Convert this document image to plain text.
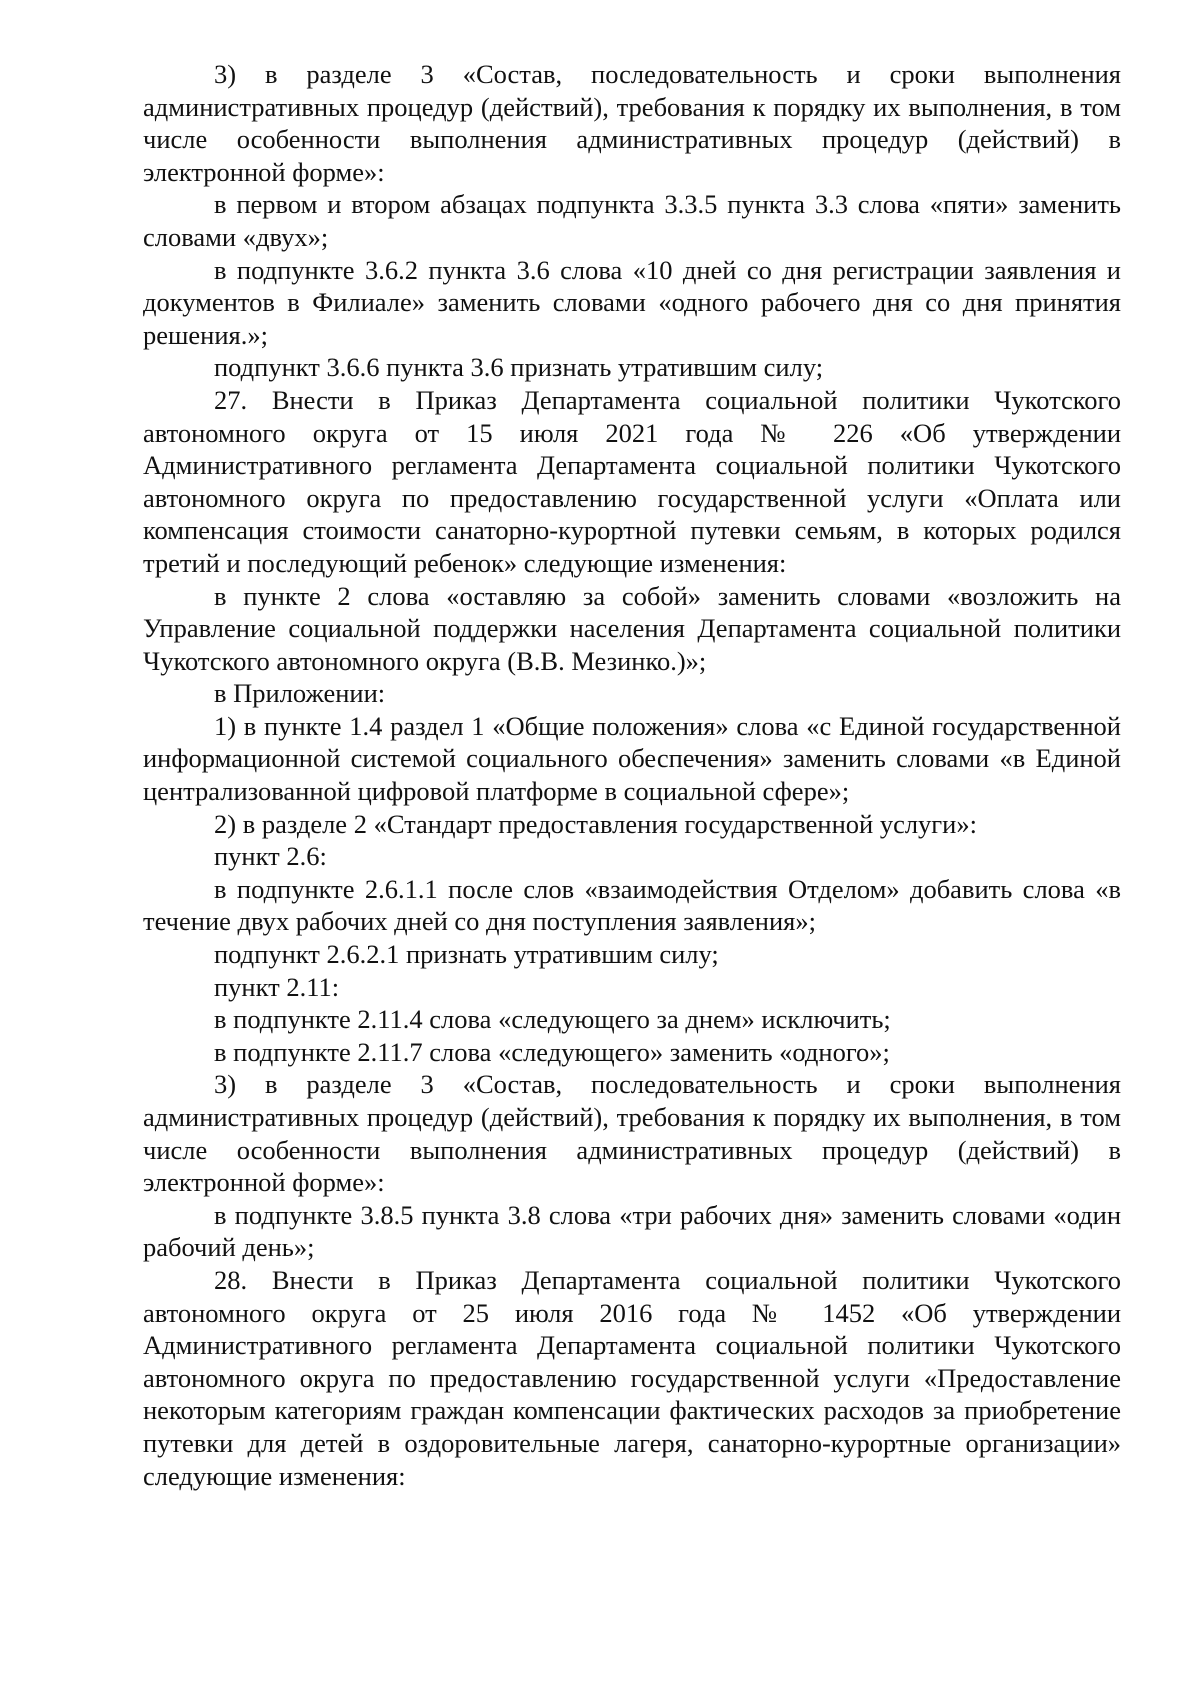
3) в разделе 3 «Состав, последовательность и сроки выполнения административных процедур (действий), требования к порядку их выполнения, в том числе особенности выполнения административных процедур (действий) в электронной форме»:

в первом и втором абзацах подпункта 3.3.5 пункта 3.3 слова «пяти» заменить словами «двух»;

в подпункте 3.6.2 пункта 3.6 слова «10 дней со дня регистрации заявления и документов в Филиале» заменить словами «одного рабочего дня со дня принятия решения.»;

подпункт 3.6.6 пункта 3.6 признать утратившим силу;

27. Внести в Приказ Департамента социальной политики Чукотского автономного округа от 15 июля 2021 года № 226 «Об утверждении Административного регламента Департамента социальной политики Чукотского автономного округа по предоставлению государственной услуги «Оплата или компенсация стоимости санаторно-курортной путевки семьям, в которых родился третий и последующий ребенок» следующие изменения:

в пункте 2 слова «оставляю за собой» заменить словами «возложить на Управление социальной поддержки населения Департамента социальной политики Чукотского автономного округа (В.В. Мезинко.)»;

в Приложении:

1) в пункте 1.4 раздел 1 «Общие положения» слова «с Единой государственной информационной системой социального обеспечения» заменить словами «в Единой централизованной цифровой платформе в социальной сфере»;

2) в разделе 2 «Стандарт предоставления государственной услуги»:

пункт 2.6:

в подпункте 2.6.1.1 после слов «взаимодействия Отделом» добавить слова «в течение двух рабочих дней со дня поступления заявления»;

подпункт 2.6.2.1 признать утратившим силу;

пункт 2.11:

в подпункте 2.11.4 слова «следующего за днем» исключить;

в подпункте 2.11.7 слова «следующего» заменить «одного»;

3) в разделе 3 «Состав, последовательность и сроки выполнения административных процедур (действий), требования к порядку их выполнения, в том числе особенности выполнения административных процедур (действий) в электронной форме»:

в подпункте 3.8.5 пункта 3.8 слова «три рабочих дня» заменить словами «один рабочий день»;

28. Внести в Приказ Департамента социальной политики Чукотского автономного округа от 25 июля 2016 года № 1452 «Об утверждении Административного регламента Департамента социальной политики Чукотского автономного округа по предоставлению государственной услуги «Предоставление некоторым категориям граждан компенсации фактических расходов за приобретение путевки для детей в оздоровительные лагеря, санаторно-курортные организации» следующие изменения:
